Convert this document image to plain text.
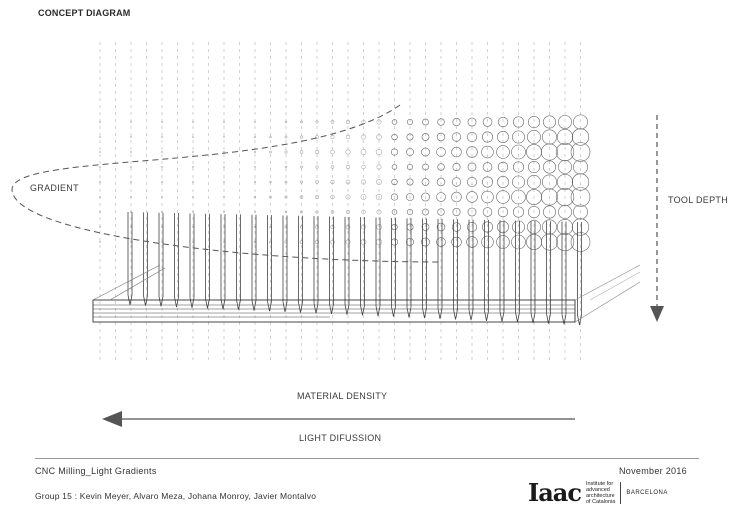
CONCEPT DIAGRAM
GRADIENT
TOOL DEPTH
MATERIAL DENSITY
LIGHT DIFUSSION
CNC Milling_Light Gradients	November 2016
Group 15 : Kevin Meyer, Alvaro Meza, Johana Monroy, Javier Montalvo	Iaac Institute for
advanced
architecture
of Catalonia
BARCELONA
